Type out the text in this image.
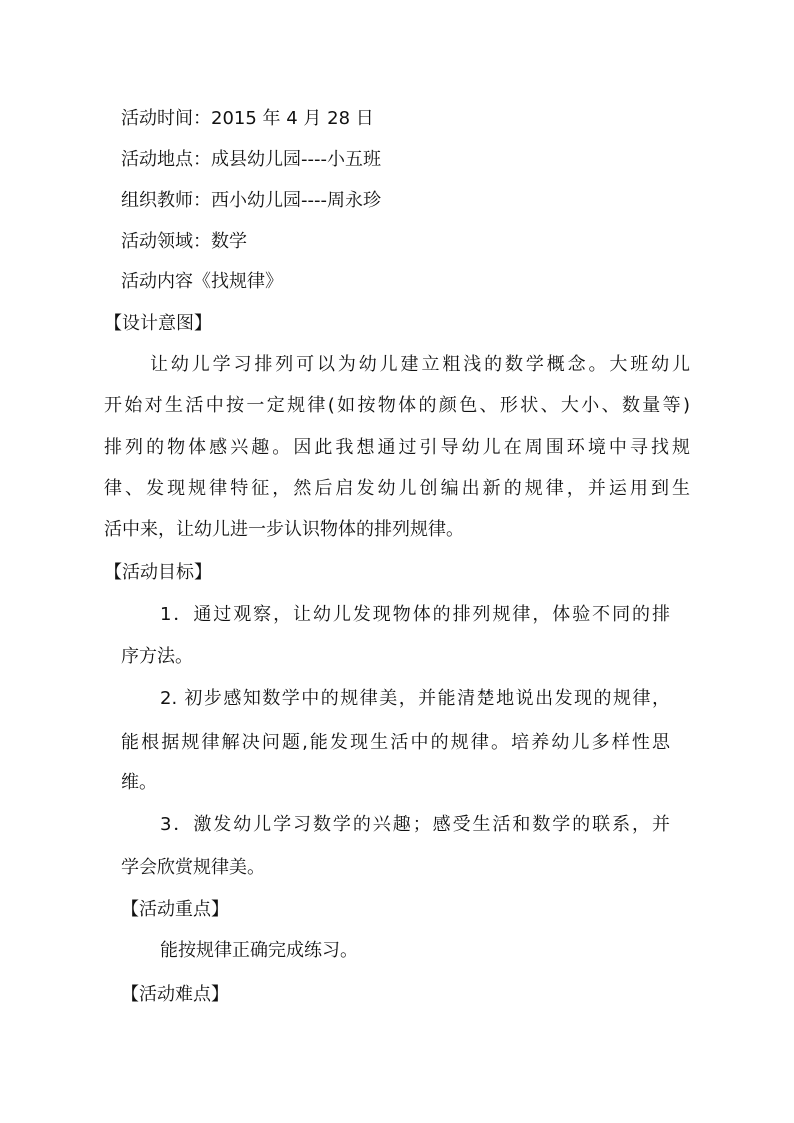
活动时间：2015 年 4 月 28 日
活动地点：成县幼儿园----小五班
组织教师：西小幼儿园----周永珍
活动领域：数学
活动内容《找规律》
【设计意图】
让幼儿学习排列可以为幼儿建立粗浅的数学概念。大班幼儿
开始对生活中按一定规律(如按物体的颜色、形状、大小、数量等)
排列的物体感兴趣。因此我想通过引导幼儿在周围环境中寻找规
律、发现规律特征，然后启发幼儿创编出新的规律，并运用到生
活中来，让幼儿进一步认识物体的排列规律。
【活动目标】
1．通过观察，让幼儿发现物体的排列规律，体验不同的排
序方法。
2. 初步感知数学中的规律美，并能清楚地说出发现的规律，
能根据规律解决问题,能发现生活中的规律。培养幼儿多样性思
维。
3．激发幼儿学习数学的兴趣；感受生活和数学的联系，并
学会欣赏规律美。
【活动重点】
能按规律正确完成练习。
【活动难点】
